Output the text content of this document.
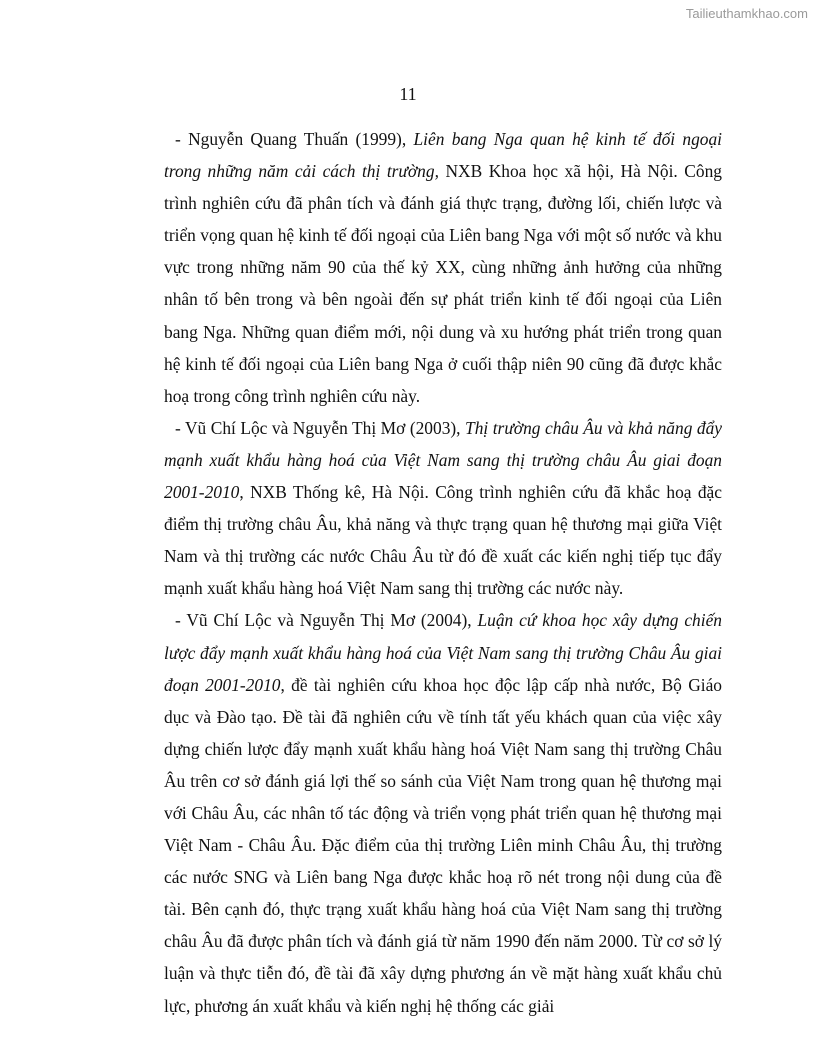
Tailieuthamkhao.com
11

- Nguyễn Quang Thuấn (1999), Liên bang Nga quan hệ kinh tế đối ngoại trong những năm cải cách thị trường, NXB Khoa học xã hội, Hà Nội. Công trình nghiên cứu đã phân tích và đánh giá thực trạng, đường lối, chiến lược và triển vọng quan hệ kinh tế đối ngoại của Liên bang Nga với một số nước và khu vực trong những năm 90 của thế kỷ XX, cùng những ảnh hưởng của những nhân tố bên trong và bên ngoài đến sự phát triển kinh tế đối ngoại của Liên bang Nga. Những quan điểm mới, nội dung và xu hướng phát triển trong quan hệ kinh tế đối ngoại của Liên bang Nga ở cuối thập niên 90 cũng đã được khắc hoạ trong công trình nghiên cứu này.

- Vũ Chí Lộc và Nguyễn Thị Mơ (2003), Thị trường châu Âu và khả năng đẩy mạnh xuất khẩu hàng hoá của Việt Nam sang thị trường châu Âu giai đoạn 2001-2010, NXB Thống kê, Hà Nội. Công trình nghiên cứu đã khắc hoạ đặc điểm thị trường châu Âu, khả năng và thực trạng quan hệ thương mại giữa Việt Nam và thị trường các nước Châu Âu từ đó đề xuất các kiến nghị tiếp tục đẩy mạnh xuất khẩu hàng hoá Việt Nam sang thị trường các nước này.

- Vũ Chí Lộc và Nguyễn Thị Mơ (2004), Luận cứ khoa học xây dựng chiến lược đẩy mạnh xuất khẩu hàng hoá của Việt Nam sang thị trường Châu Âu giai đoạn 2001-2010, đề tài nghiên cứu khoa học độc lập cấp nhà nước, Bộ Giáo dục và Đào tạo. Đề tài đã nghiên cứu về tính tất yếu khách quan của việc xây dựng chiến lược đẩy mạnh xuất khẩu hàng hoá Việt Nam sang thị trường Châu Âu trên cơ sở đánh giá lợi thế so sánh của Việt Nam trong quan hệ thương mại với Châu Âu, các nhân tố tác động và triển vọng phát triển quan hệ thương mại Việt Nam - Châu Âu. Đặc điểm của thị trường Liên minh Châu Âu, thị trường các nước SNG và Liên bang Nga được khắc hoạ rõ nét trong nội dung của đề tài. Bên cạnh đó, thực trạng xuất khẩu hàng hoá của Việt Nam sang thị trường châu Âu đã được phân tích và đánh giá từ năm 1990 đến năm 2000. Từ cơ sở lý luận và thực tiễn đó, đề tài đã xây dựng phương án về mặt hàng xuất khẩu chủ lực, phương án xuất khẩu và kiến nghị hệ thống các giải
